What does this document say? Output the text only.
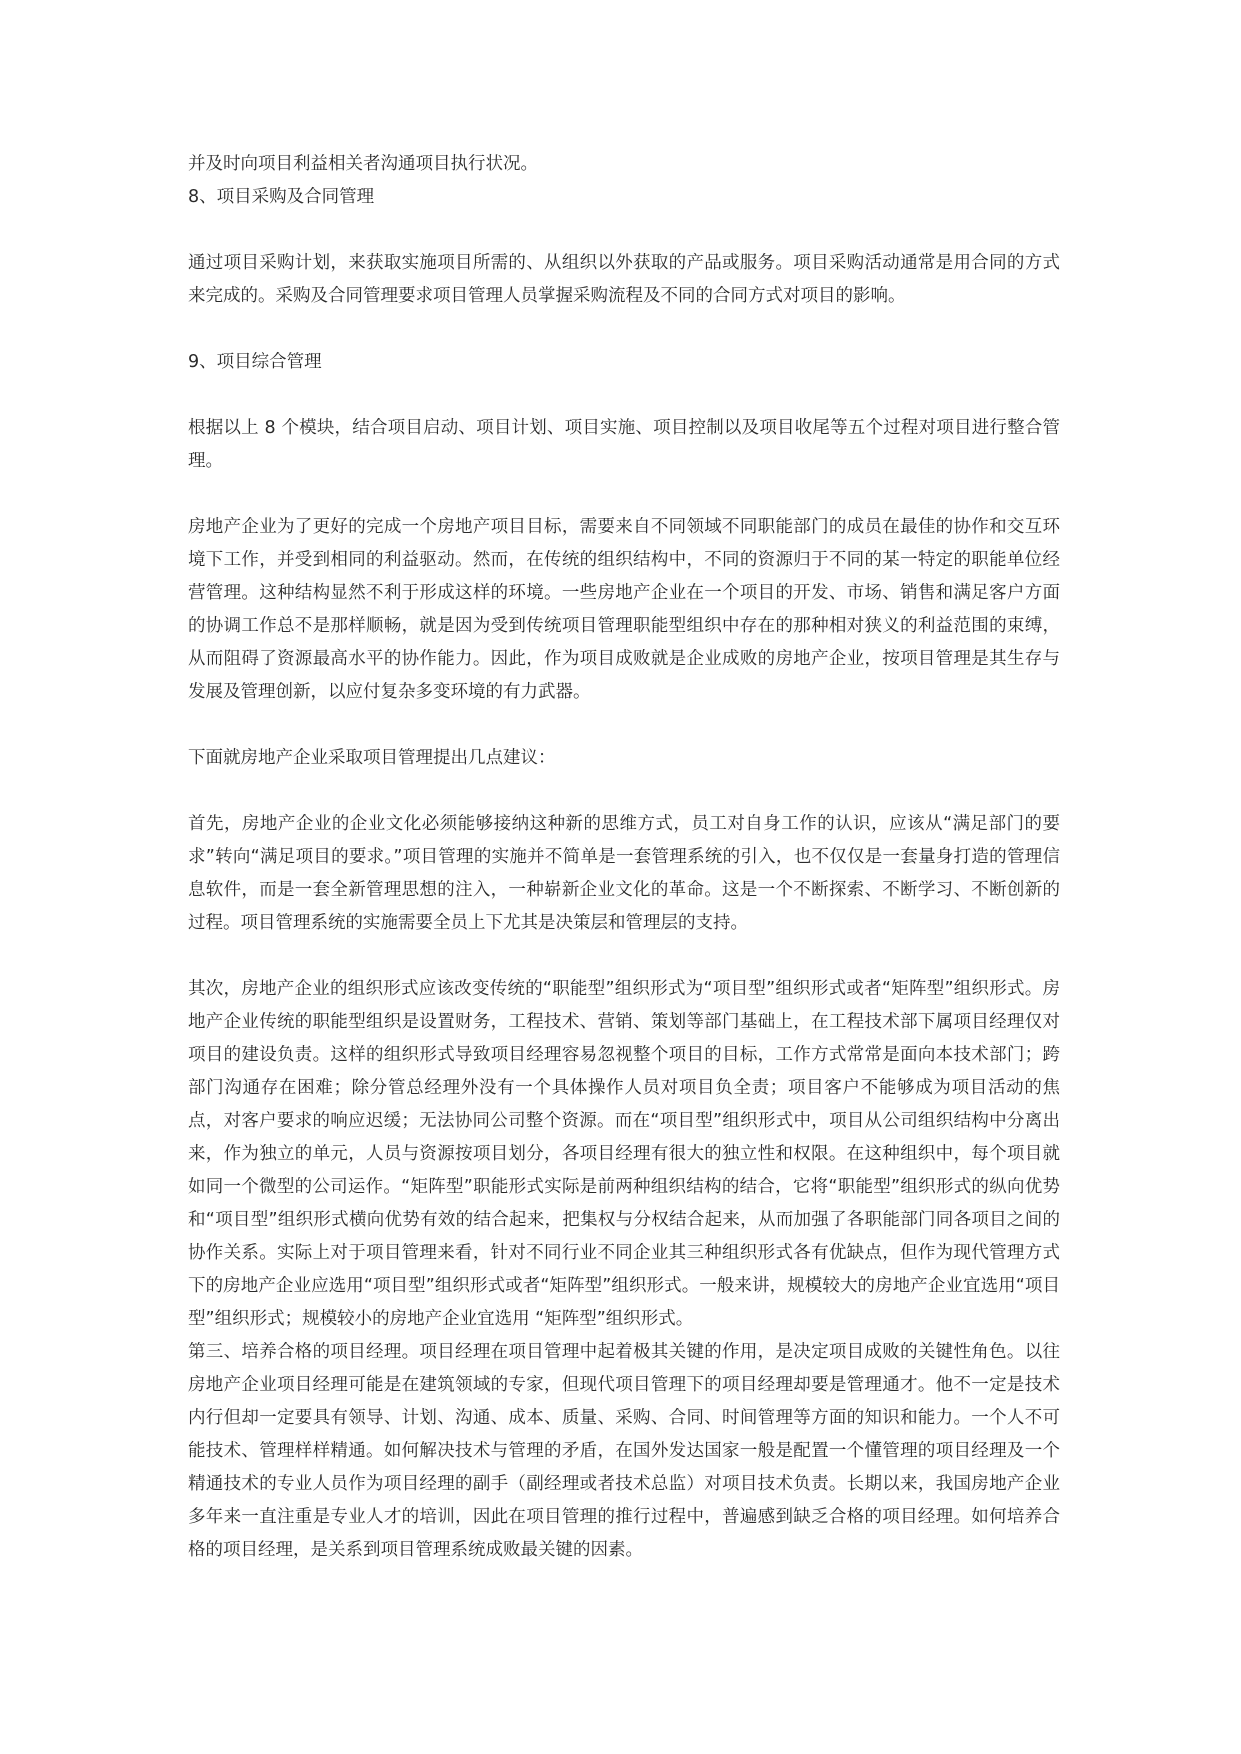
并及时向项目利益相关者沟通项目执行状况。

8、项目采购及合同管理

通过项目采购计划，来获取实施项目所需的、从组织以外获取的产品或服务。项目采购活动通常是用合同的方式来完成的。采购及合同管理要求项目管理人员掌握采购流程及不同的合同方式对项目的影响。

9、项目综合管理

根据以上 8 个模块，结合项目启动、项目计划、项目实施、项目控制以及项目收尾等五个过程对项目进行整合管理。

房地产企业为了更好的完成一个房地产项目目标，需要来自不同领域不同职能部门的成员在最佳的协作和交互环境下工作，并受到相同的利益驱动。然而，在传统的组织结构中，不同的资源归于不同的某一特定的职能单位经营管理。这种结构显然不利于形成这样的环境。一些房地产企业在一个项目的开发、市场、销售和满足客户方面的协调工作总不是那样顺畅，就是因为受到传统项目管理职能型组织中存在的那种相对狭义的利益范围的束缚，从而阻碍了资源最高水平的协作能力。因此，作为项目成败就是企业成败的房地产企业，按项目管理是其生存与发展及管理创新，以应付复杂多变环境的有力武器。

下面就房地产企业采取项目管理提出几点建议：

首先，房地产企业的企业文化必须能够接纳这种新的思维方式，员工对自身工作的认识，应该从“满足部门的要求”转向“满足项目的要求。”项目管理的实施并不简单是一套管理系统的引入，也不仅仅是一套量身打造的管理信息软件，而是一套全新管理思想的注入，一种崭新企业文化的革命。这是一个不断探索、不断学习、不断创新的过程。项目管理系统的实施需要全员上下尤其是决策层和管理层的支持。

其次，房地产企业的组织形式应该改变传统的“职能型”组织形式为“项目型”组织形式或者“矩阵型”组织形式。房地产企业传统的职能型组织是设置财务，工程技术、营销、策划等部门基础上，在工程技术部下属项目经理仅对项目的建设负责。这样的组织形式导致项目经理容易忽视整个项目的目标，工作方式常常是面向本技术部门；跨部门沟通存在困难；除分管总经理外没有一个具体操作人员对项目负全责；项目客户不能够成为项目活动的焦点，对客户要求的响应迟缓；无法协同公司整个资源。而在“项目型”组织形式中，项目从公司组织结构中分离出来，作为独立的单元，人员与资源按项目划分，各项目经理有很大的独立性和权限。在这种组织中，每个项目就如同一个微型的公司运作。“矩阵型”职能形式实际是前两种组织结构的结合，它将“职能型”组织形式的纵向优势和“项目型”组织形式横向优势有效的结合起来，把集权与分权结合起来，从而加强了各职能部门同各项目之间的协作关系。实际上对于项目管理来看，针对不同行业不同企业其三种组织形式各有优缺点，但作为现代管理方式下的房地产企业应选用“项目型”组织形式或者“矩阵型”组织形式。一般来讲，规模较大的房地产企业宜选用“项目型”组织形式；规模较小的房地产企业宜选用 “矩阵型”组织形式。

第三、培养合格的项目经理。项目经理在项目管理中起着极其关键的作用，是决定项目成败的关键性角色。以往房地产企业项目经理可能是在建筑领域的专家，但现代项目管理下的项目经理却要是管理通才。他不一定是技术内行但却一定要具有领导、计划、沟通、成本、质量、采购、合同、时间管理等方面的知识和能力。一个人不可能技术、管理样样精通。如何解决技术与管理的矛盾，在国外发达国家一般是配置一个懂管理的项目经理及一个精通技术的专业人员作为项目经理的副手（副经理或者技术总监）对项目技术负责。长期以来，我国房地产企业多年来一直注重是专业人才的培训，因此在项目管理的推行过程中，普遍感到缺乏合格的项目经理。如何培养合格的项目经理，是关系到项目管理系统成败最关键的因素。
